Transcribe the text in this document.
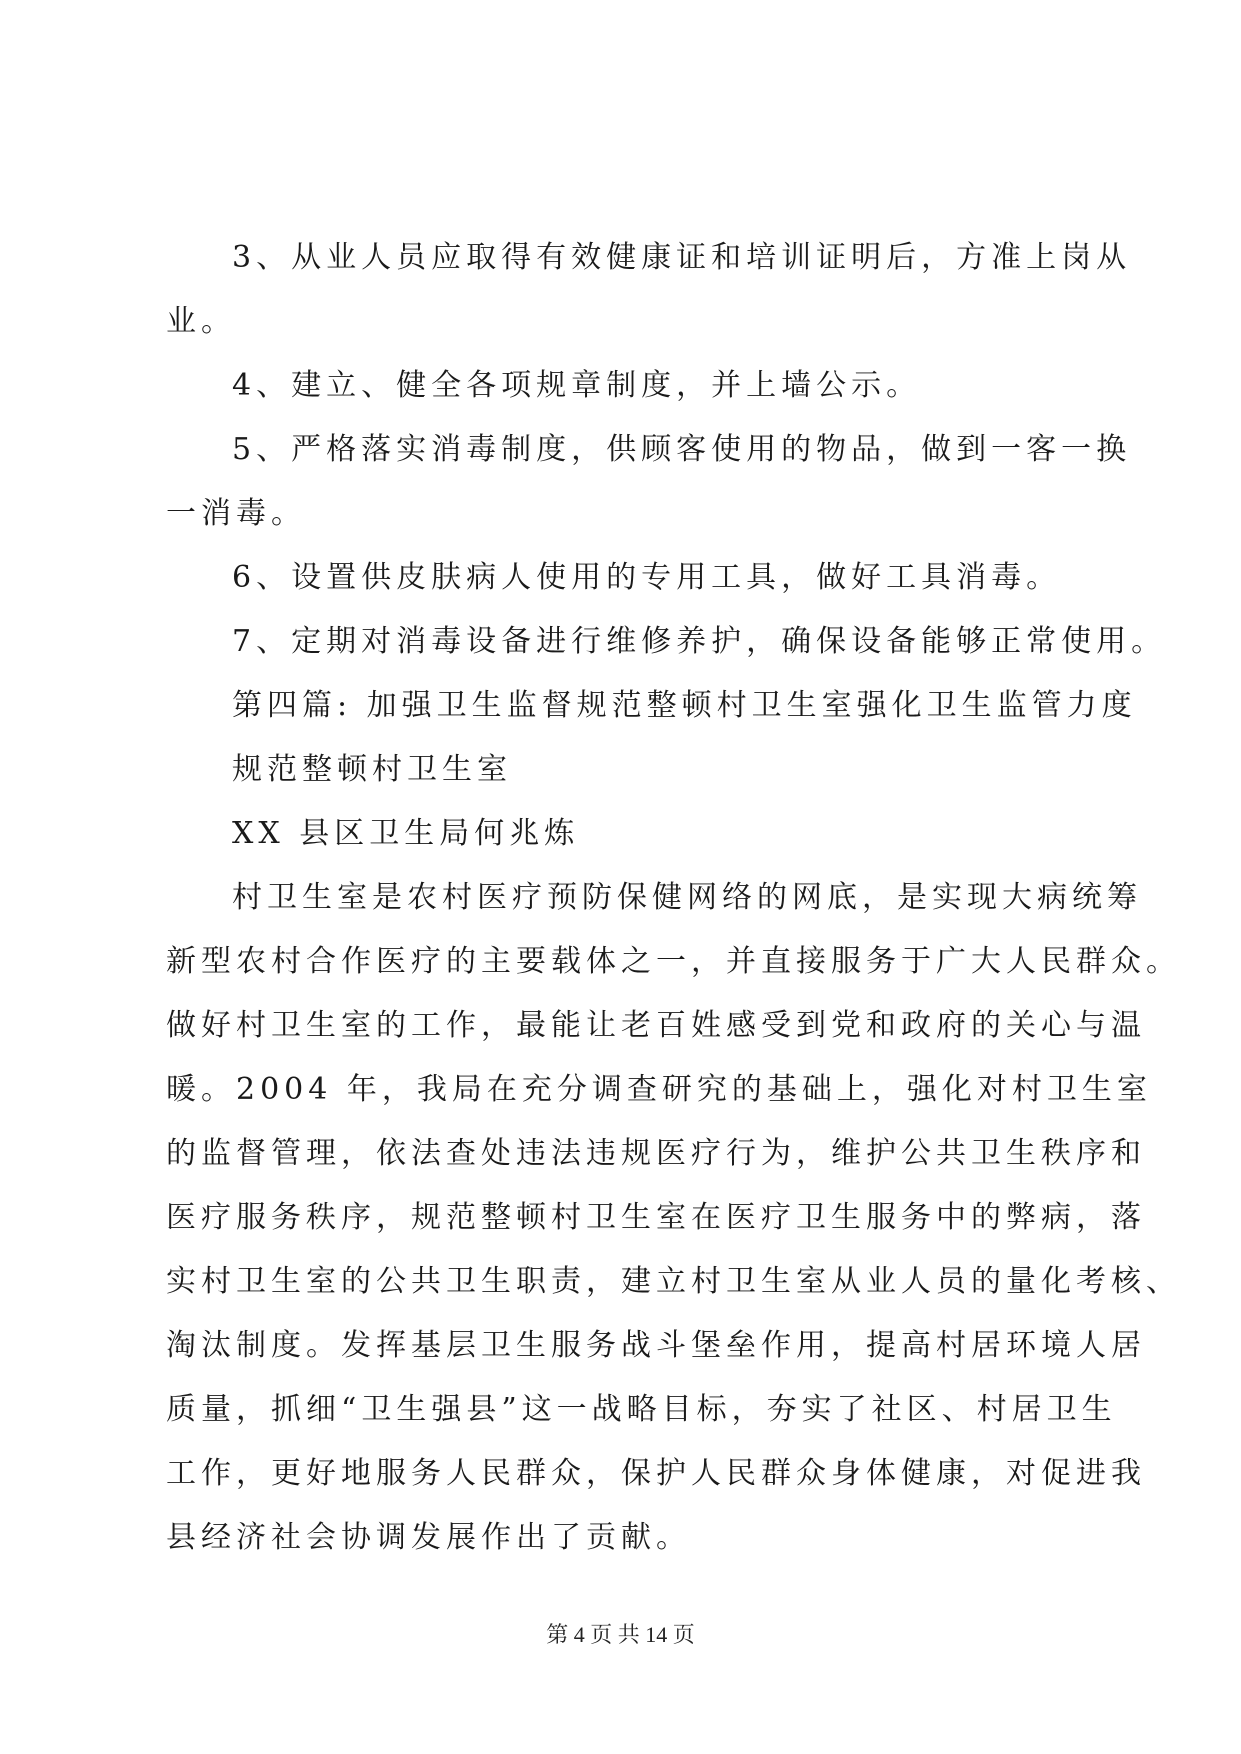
3、从业人员应取得有效健康证和培训证明后，方准上岗从
业。
4、建立、健全各项规章制度，并上墙公示。
5、严格落实消毒制度，供顾客使用的物品，做到一客一换
一消毒。
6、设置供皮肤病人使用的专用工具，做好工具消毒。
7、定期对消毒设备进行维修养护，确保设备能够正常使用。
第四篇: 加强卫生监督规范整顿村卫生室强化卫生监管力度
规范整顿村卫生室
XX 县区卫生局何兆炼
村卫生室是农村医疗预防保健网络的网底，是实现大病统筹
新型农村合作医疗的主要载体之一，并直接服务于广大人民群众。
做好村卫生室的工作，最能让老百姓感受到党和政府的关心与温
暖。2004 年，我局在充分调查研究的基础上，强化对村卫生室
的监督管理，依法查处违法违规医疗行为，维护公共卫生秩序和
医疗服务秩序，规范整顿村卫生室在医疗卫生服务中的弊病，落
实村卫生室的公共卫生职责，建立村卫生室从业人员的量化考核、
淘汰制度。发挥基层卫生服务战斗堡垒作用，提高村居环境人居
质量，抓细“卫生强县”这一战略目标，夯实了社区、村居卫生
工作，更好地服务人民群众，保护人民群众身体健康，对促进我
县经济社会协调发展作出了贡献。
第 4 页 共 14 页
